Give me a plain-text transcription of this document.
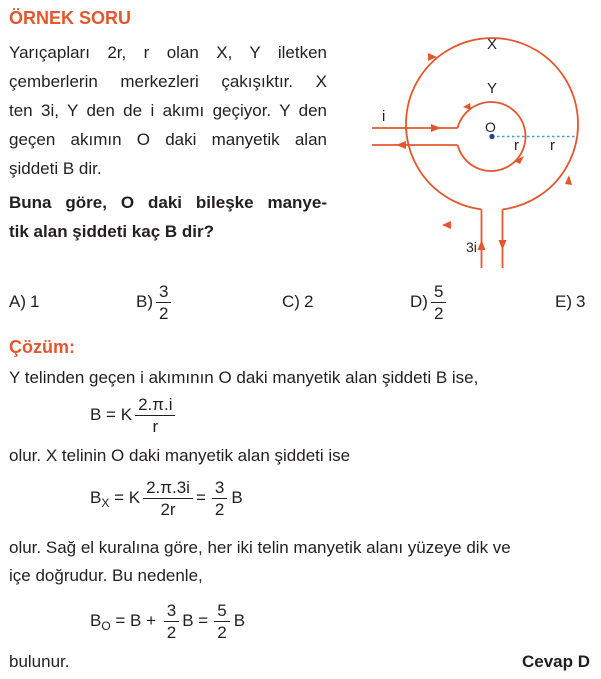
ÖRNEK SORU
Yarıçapları 2r, r olan X, Y iletken
çemberlerin merkezleri çakışıktır. X
ten 3i, Y den de i akımı geçiyor. Y den
geçen akımın O daki manyetik alan
şiddeti B dir.
Buna göre, O daki bileşke manye-
tik alan şiddeti kaç B dir?
X
Y
O
r r
i
3i
A) 1	$B) \frac{3}{2}$	C) 2	$D) \frac{5}{2}$	E) 3
Çözüm:
Y telinden geçen i akımının O daki manyetik alan şiddeti B ise,
B = K $\frac{2.\pi.i}{r}$
olur. X telinin O daki manyetik alan şiddeti ise
B X = K $\frac{2.\pi.3i}{2r} = \frac{3}{2}$ B
olur. Sağ el kuralına göre, her iki telin manyetik alanı yüzeye dik ve
içe doğrudur. Bu nedenle,
B $O = B + \frac{3}{2}$ $B = \frac{5}{2}$ B
bulunur.	Cevap D
